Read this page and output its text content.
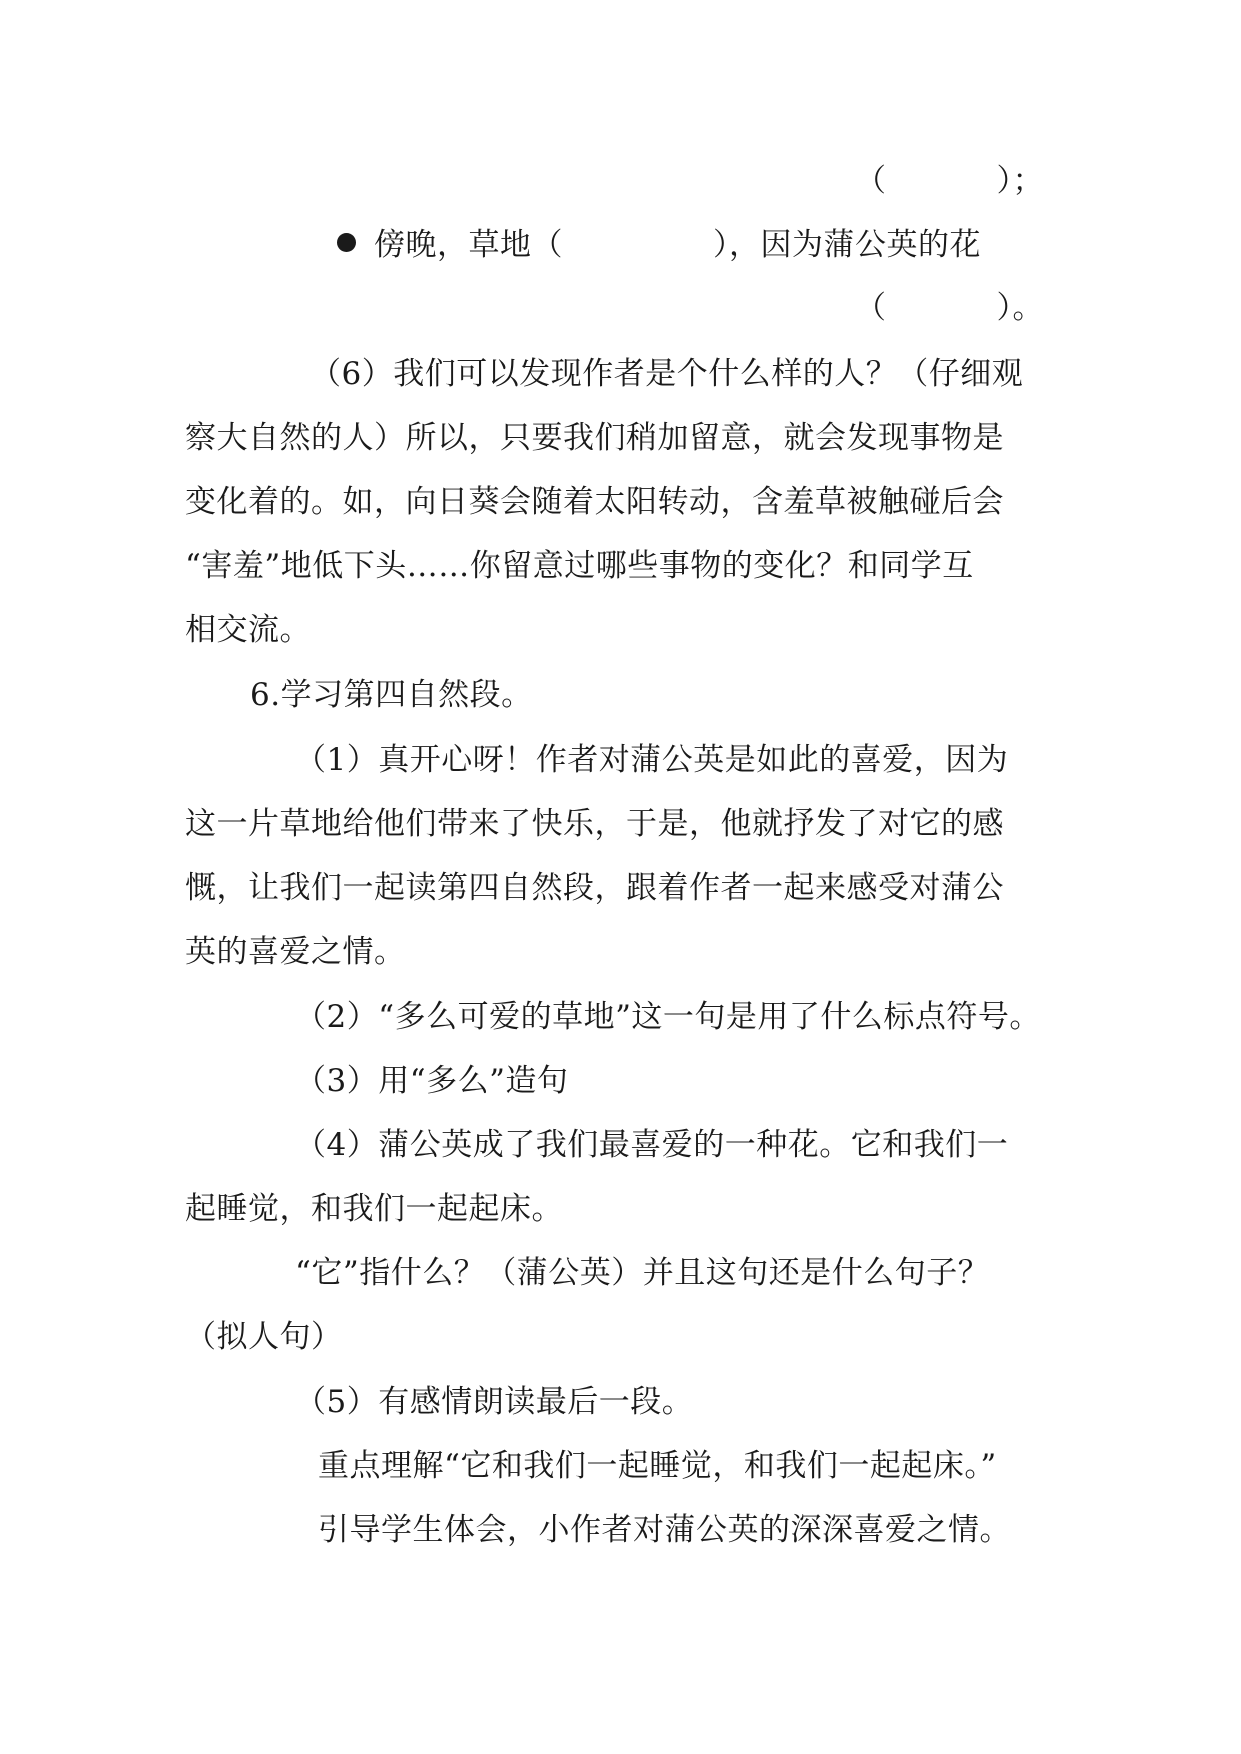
（	）；
傍晚，草地（	），因为蒲公英的花
（	）。
（6）我们可以发现作者是个什么样的人？（仔细观
察大自然的人）所以，只要我们稍加留意，就会发现事物是
变化着的。如，向日葵会随着太阳转动，含羞草被触碰后会
“害羞”地低下头……你留意过哪些事物的变化？和同学互
相交流。
6.学习第四自然段。
（1）真开心呀！作者对蒲公英是如此的喜爱，因为
这一片草地给他们带来了快乐，于是，他就抒发了对它的感
慨，让我们一起读第四自然段，跟着作者一起来感受对蒲公
英的喜爱之情。
（2）“多么可爱的草地”这一句是用了什么标点符号。
（3）用“多么”造句
（4）蒲公英成了我们最喜爱的一种花。它和我们一
起睡觉，和我们一起起床。
“它”指什么？（蒲公英）并且这句还是什么句子？
（拟人句）
（5）有感情朗读最后一段。
重点理解“它和我们一起睡觉，和我们一起起床。”
引导学生体会，小作者对蒲公英的深深喜爱之情。
